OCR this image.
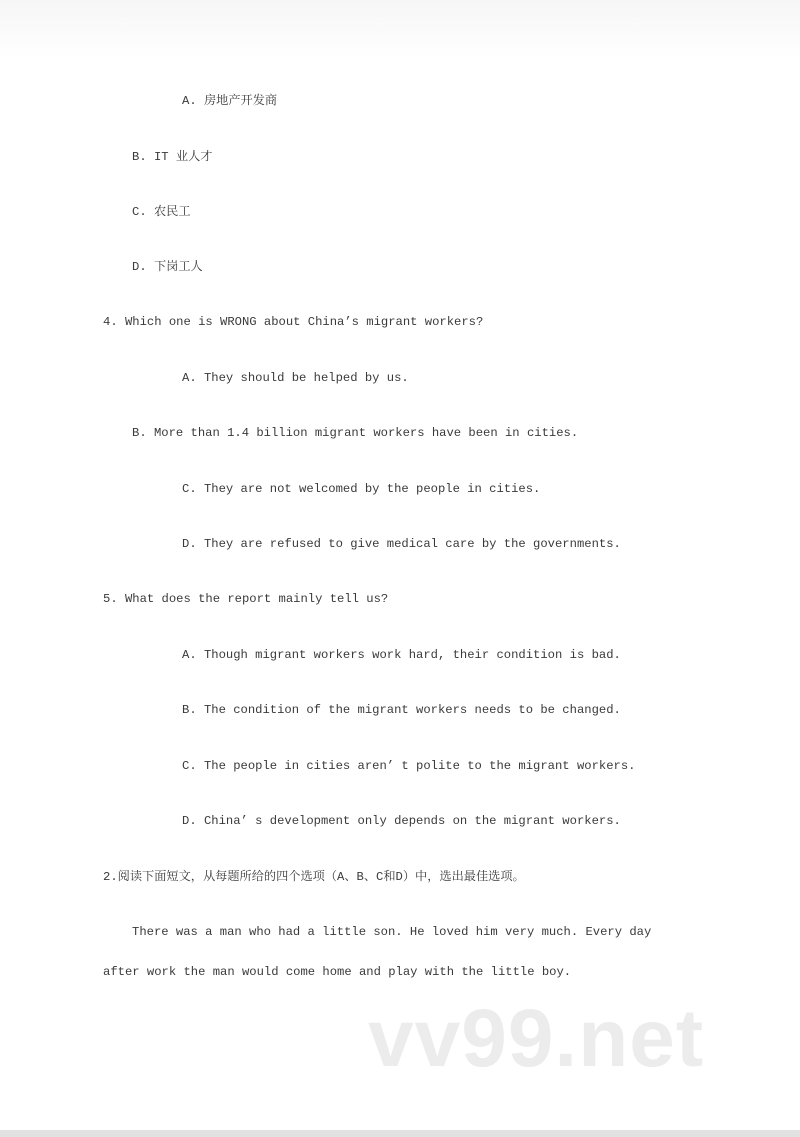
A. 房地产开发商
B. IT 业人才
C. 农民工
D. 下岗工人
4. Which one is WRONG about China’s migrant workers?
A. They should be helped by us.
B. More than 1.4 billion migrant workers have been in cities.
C. They are not welcomed by the people in cities.
D. They are refused to give medical care by the governments.
5. What does the report mainly tell us?
A. Though migrant workers work hard, their condition is bad.
B. The condition of the migrant workers needs to be changed.
C. The people in cities aren’ t polite to the migrant workers.
D. China’ s development only depends on the migrant workers.
2.阅读下面短文，从每题所给的四个选项（A、B、C和D）中，选出最佳选项。
There was a man who had a little son. He loved him very much. Every day
after work the man would come home and play with the little boy.
vv99.net
